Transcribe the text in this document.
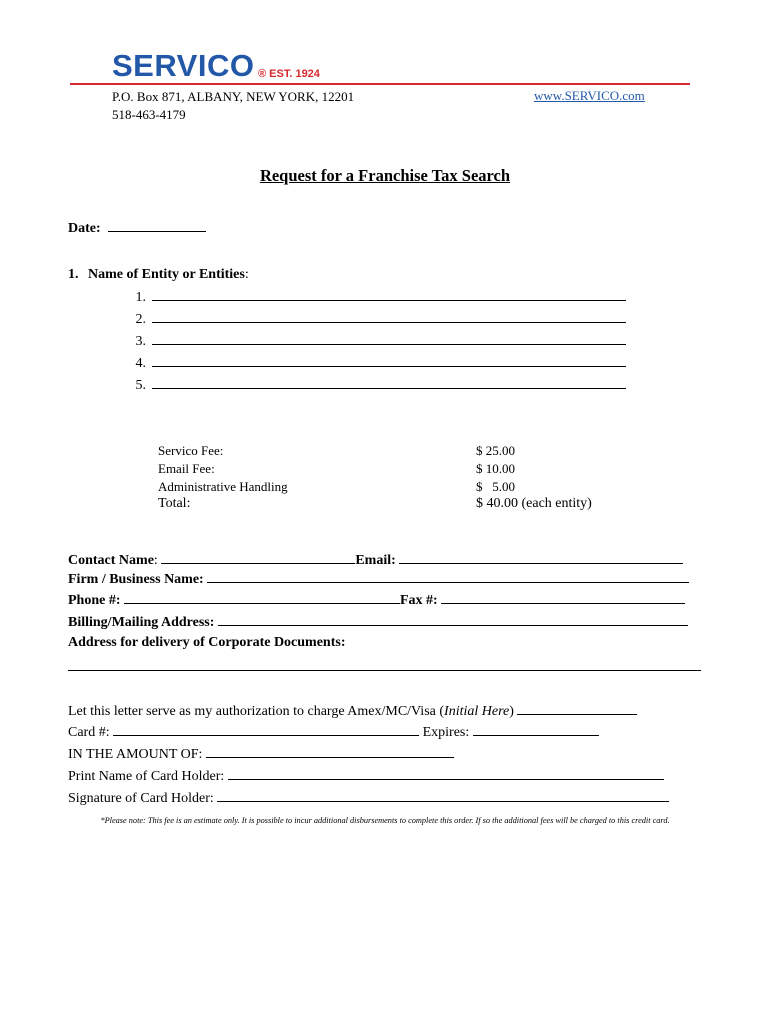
SERVICO ® EST. 1924
P.O. Box 871, ALBANY, NEW YORK, 12201
518-463-4179
www.SERVICO.com
Request for a Franchise Tax Search
Date:
1. Name of Entity or Entities:
1.
2.
3.
4.
5.
Servico Fee:	$ 25.00
Email Fee:	$ 10.00
Administrative Handling	$ 5.00
Total:	$ 40.00 (each entity)
Contact Name:	Email:
Firm / Business Name:
Phone #:	Fax #:
Billing/Mailing Address:
Address for delivery of Corporate Documents:
Let this letter serve as my authorization to charge Amex/MC/Visa (Initial Here)
Card #:	Expires:
IN THE AMOUNT OF:
Print Name of Card Holder:
Signature of Card Holder:
*Please note: This fee is an estimate only. It is possible to incur additional disbursements to complete this order. If so the additional fees will be charged to this credit card.
